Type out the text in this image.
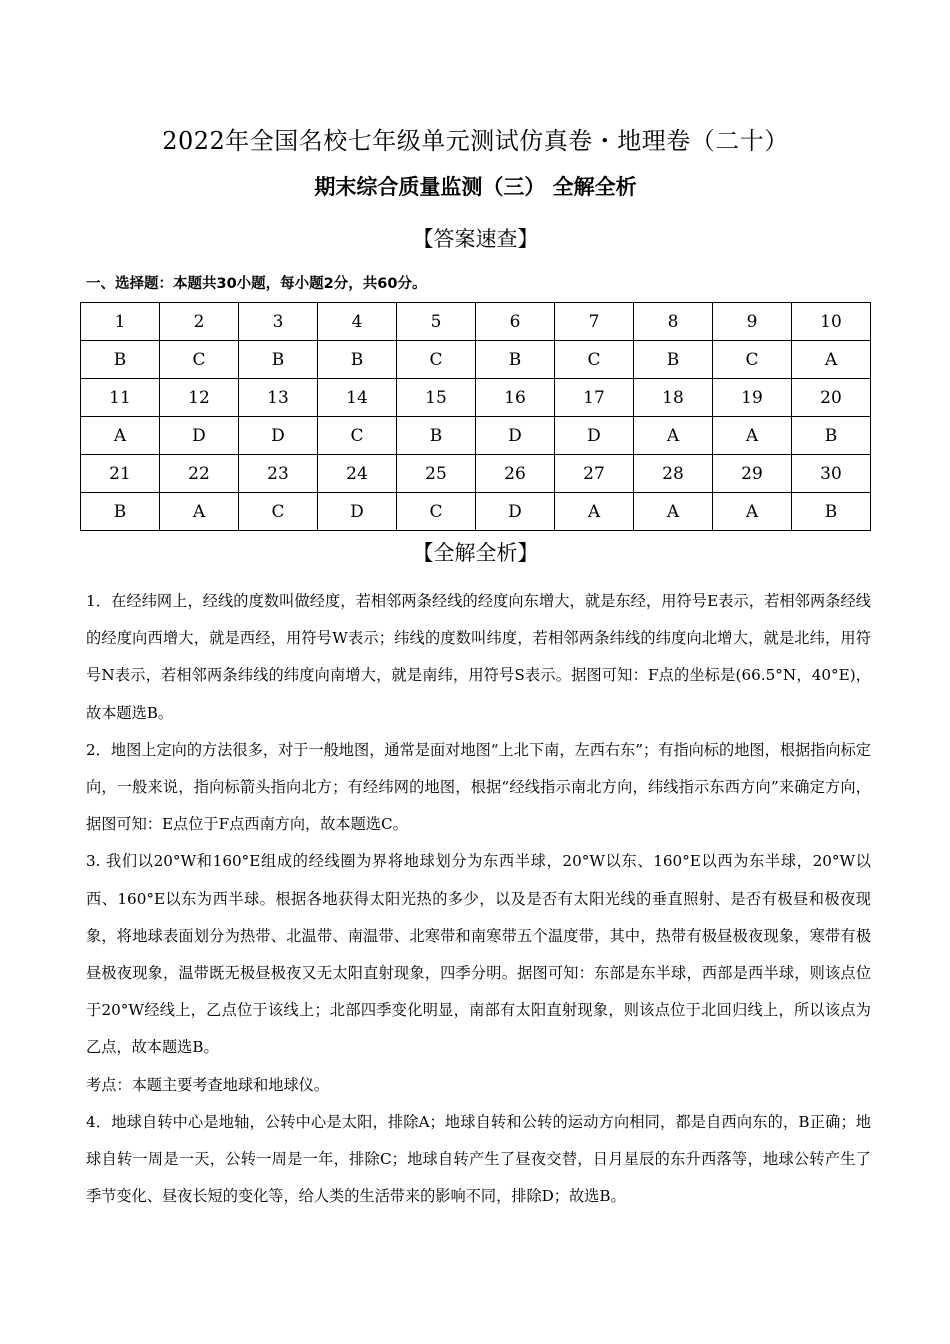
2022年全国名校七年级单元测试仿真卷・地理卷（二十）
期末综合质量监测（三） 全解全析
【答案速查】
一、选择题：本题共30小题，每小题2分，共60分。
1	2	3	4	5	6	7	8	9	10
B	C	B	B	C	B	C	B	C	A
11	12	13	14	15	16	17	18	19	20
A	D	D	C	B	D	D	A	A	B
21	22	23	24	25	26	27	28	29	30
B	A	C	D	C	D	A	A	A	B
【全解全析】

1．在经纬网上，经线的度数叫做经度，若相邻两条经线的经度向东增大，就是东经，用符号E表示，若相邻两条经线的经度向西增大，就是西经，用符号W表示；纬线的度数叫纬度，若相邻两条纬线的纬度向北增大，就是北纬，用符号N表示，若相邻两条纬线的纬度向南增大，就是南纬，用符号S表示。据图可知：F点的坐标是(66.5°N，40°E)，故本题选B。

2．地图上定向的方法很多，对于一般地图，通常是面对地图“上北下南，左西右东”；有指向标的地图，根据指向标定向，一般来说，指向标箭头指向北方；有经纬网的地图，根据“经线指示南北方向，纬线指示东西方向”来确定方向，据图可知：E点位于F点西南方向，故本题选C。

3. 我们以20°W和160°E组成的经线圈为界将地球划分为东西半球，20°W以东、160°E以西为东半球，20°W以西、160°E以东为西半球。根据各地获得太阳光热的多少，以及是否有太阳光线的垂直照射、是否有极昼和极夜现象，将地球表面划分为热带、北温带、南温带、北寒带和南寒带五个温度带，其中，热带有极昼极夜现象，寒带有极昼极夜现象，温带既无极昼极夜又无太阳直射现象，四季分明。据图可知：东部是东半球，西部是西半球，则该点位于20°W经线上，乙点位于该线上；北部四季变化明显，南部有太阳直射现象，则该点位于北回归线上，所以该点为乙点，故本题选B。

考点：本题主要考查地球和地球仪。

4．地球自转中心是地轴，公转中心是太阳，排除A；地球自转和公转的运动方向相同，都是自西向东的，B正确；地球自转一周是一天，公转一周是一年，排除C；地球自转产生了昼夜交替，日月星辰的东升西落等，地球公转产生了季节变化、昼夜长短的变化等，给人类的生活带来的影响不同，排除D；故选B。
